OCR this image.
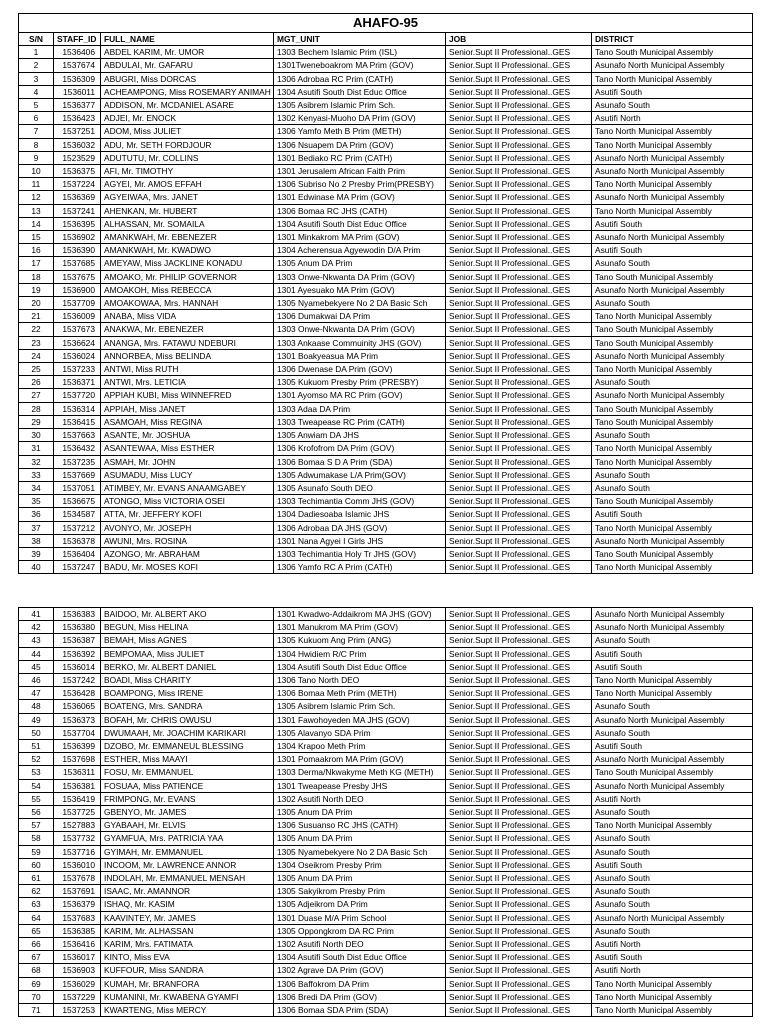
AHAFO-95					
S/N	STAFF_ID	FULL_NAME	MGT_UNIT	JOB	DISTRICT
1	1536406	ABDEL KARIM, Mr. UMOR	1303 Bechem Islamic Prim (ISL)	Senior.Supt II Professional..GES	Tano South Municipal Assembly
2	1537674	ABDULAI, Mr. GAFARU	1301Tweneboakrom MA Prim (GOV)	Senior.Supt II Professional..GES	Asunafo North Municipal Assembly
3	1536309	ABUGRI, Miss DORCAS	1306 Adrobaa RC Prim (CATH)	Senior.Supt II Professional..GES	Tano North Municipal Assembly
4	1536011	ACHEAMPONG, Miss ROSEMARY ANIMAH	1304 Asutifi South Dist Educ Office	Senior.Supt II Professional..GES	Asutifi South
5	1536377	ADDISON, Mr. MCDANIEL ASARE	1305 Asibrem Islamic Prim Sch.	Senior.Supt II Professional..GES	Asunafo South
6	1536423	ADJEI, Mr. ENOCK	1302 Kenyasi-Muoho DA Prim (GOV)	Senior.Supt II Professional..GES	Asutifi North
7	1537251	ADOM, Miss JULIET	1306 Yamfo Meth B Prim (METH)	Senior.Supt II Professional..GES	Tano North Municipal Assembly
8	1536032	ADU, Mr. SETH FORDJOUR	1306 Nsuapem DA Prim (GOV)	Senior.Supt II Professional..GES	Tano North Municipal Assembly
9	1523529	ADUTUTU, Mr. COLLINS	1301 Bediako RC Prim (CATH)	Senior.Supt II Professional..GES	Asunafo North Municipal Assembly
10	1536375	AFI, Mr. TIMOTHY	1301 Jerusalem African Faith Prim	Senior.Supt II Professional..GES	Asunafo North Municipal Assembly
11	1537224	AGYEI, Mr. AMOS EFFAH	1306 Subriso No 2 Presby Prim(PRESBY)	Senior.Supt II Professional..GES	Tano North Municipal Assembly
12	1536369	AGYEIWAA, Mrs. JANET	1301 Edwinase MA Prim (GOV)	Senior.Supt II Professional..GES	Asunafo North Municipal Assembly
13	1537241	AHENKAN, Mr. HUBERT	1306 Bomaa RC JHS (CATH)	Senior.Supt II Professional..GES	Tano North Municipal Assembly
14	1536395	ALHASSAN, Mr. SOMAILA	1304 Asutifi South Dist Educ Office	Senior.Supt II Professional..GES	Asutifi South
15	1536902	AMANKWAH, Mr. EBENEZER	1301 Minkakrom MA Prim (GOV)	Senior.Supt II Professional..GES	Asunafo North Municipal Assembly
16	1536390	AMANKWAH, Mr. KWADWO	1304 Acherensua Agyewodin D/A Prim	Senior.Supt II Professional..GES	Asutifi South
17	1537685	AMEYAW, Miss JACKLINE KONADU	1305 Anum DA Prim	Senior.Supt II Professional..GES	Asunafo South
18	1537675	AMOAKO, Mr. PHILIP GOVERNOR	1303 Onwe-Nkwanta DA Prim (GOV)	Senior.Supt II Professional..GES	Tano South Municipal Assembly
19	1536900	AMOAKOH, Miss REBECCA	1301 Ayesuako MA Prim (GOV)	Senior.Supt II Professional..GES	Asunafo North Municipal Assembly
20	1537709	AMOAKOWAA, Mrs. HANNAH	1305 Nyamebekyere No 2 DA Basic Sch	Senior.Supt II Professional..GES	Asunafo South
21	1536009	ANABA, Miss VIDA	1306 Dumakwai DA Prim	Senior.Supt II Professional..GES	Tano North Municipal Assembly
22	1537673	ANAKWA, Mr. EBENEZER	1303 Onwe-Nkwanta DA Prim (GOV)	Senior.Supt II Professional..GES	Tano South Municipal Assembly
23	1536624	ANANGA, Mrs. FATAWU NDEBURI	1303 Ankaase Commuinity JHS (GOV)	Senior.Supt II Professional..GES	Tano South Municipal Assembly
24	1536024	ANNORBEA, Miss BELINDA	1301 Boakyeasua MA Prim	Senior.Supt II Professional..GES	Asunafo North Municipal Assembly
25	1537233	ANTWI, Miss RUTH	1306 Dwenase DA Prim (GOV)	Senior.Supt II Professional..GES	Tano North Municipal Assembly
26	1536371	ANTWI, Mrs. LETICIA	1305 Kukuom Presby Prim (PRESBY)	Senior.Supt II Professional..GES	Asunafo South
27	1537720	APPIAH KUBI, Miss WINNEFRED	1301 Ayomso MA RC Prim (GOV)	Senior.Supt II Professional..GES	Asunafo North Municipal Assembly
28	1536314	APPIAH, Miss JANET	1303 Adaa DA Prim	Senior.Supt II Professional..GES	Tano South Municipal Assembly
29	1536415	ASAMOAH, Miss REGINA	1303 Tweapease RC Prim (CATH)	Senior.Supt II Professional..GES	Tano South Municipal Assembly
30	1537663	ASANTE, Mr. JOSHUA	1305 Anwiam DA JHS	Senior.Supt II Professional..GES	Asunafo South
31	1536432	ASANTEWAA, Miss ESTHER	1306 Krofofrom DA Prim (GOV)	Senior.Supt II Professional..GES	Tano North Municipal Assembly
32	1537235	ASMAH, Mr. JOHN	1306 Bomaa S D A Prim (SDA)	Senior.Supt II Professional..GES	Tano North Municipal Assembly
33	1537669	ASUMADU, Miss LUCY	1305 Adwumakase L/A Prim(GOV)	Senior.Supt II Professional..GES	Asunafo South
34	1537051	ATIMBEY, Mr. EVANS ANAAMGABEY	1305 Asunafo South DEO	Senior.Supt II Professional..GES	Asunafo South
35	1536675	ATONGO, Miss VICTORIA OSEI	1303 Techimantia Comm JHS (GOV)	Senior.Supt II Professional..GES	Tano South Municipal Assembly
36	1534587	ATTA, Mr. JEFFERY KOFI	1304 Dadiesoaba Islamic JHS	Senior.Supt II Professional..GES	Asutifi South
37	1537212	AVONYO, Mr. JOSEPH	1306 Adrobaa DA JHS (GOV)	Senior.Supt II Professional..GES	Tano North Municipal Assembly
38	1536378	AWUNI, Mrs. ROSINA	1301 Nana Agyei I Girls JHS	Senior.Supt II Professional..GES	Asunafo North Municipal Assembly
39	1536404	AZONGO, Mr. ABRAHAM	1303 Techimantia Holy Tr JHS (GOV)	Senior.Supt II Professional..GES	Tano South Municipal Assembly
40	1537247	BADU, Mr. MOSES KOFI	1306 Yamfo RC A Prim (CATH)	Senior.Supt II Professional..GES	Tano North Municipal Assembly
41	1536383	BAIDOO, Mr. ALBERT AKO	1301 Kwadwo-Addaikrom MA JHS (GOV)	Senior.Supt II Professional..GES	Asunafo North Municipal Assembly
42	1536380	BEGUN, Miss HELINA	1301 Manukrom MA Prim (GOV)	Senior.Supt II Professional..GES	Asunafo North Municipal Assembly
43	1536387	BEMAH, Miss AGNES	1305 Kukuom Ang Prim (ANG)	Senior.Supt II Professional..GES	Asunafo South
44	1536392	BEMPOMAA, Miss JULIET	1304 Hwidiem R/C Prim	Senior.Supt II Professional..GES	Asutifi South
45	1536014	BERKO, Mr. ALBERT DANIEL	1304 Asutifi South Dist Educ Office	Senior.Supt II Professional..GES	Asutifi South
46	1537242	BOADI, Miss CHARITY	1306 Tano North DEO	Senior.Supt II Professional..GES	Tano North Municipal Assembly
47	1536428	BOAMPONG, Miss IRENE	1306 Bomaa Meth Prim (METH)	Senior.Supt II Professional..GES	Tano North Municipal Assembly
48	1536065	BOATENG, Mrs. SANDRA	1305 Asibrem Islamic Prim Sch.	Senior.Supt II Professional..GES	Asunafo South
49	1536373	BOFAH, Mr. CHRIS OWUSU	1301 Fawohoyeden MA JHS (GOV)	Senior.Supt II Professional..GES	Asunafo North Municipal Assembly
50	1537704	DWUMAAH, Mr. JOACHIM KARIKARI	1305 Alavanyo SDA Prim	Senior.Supt II Professional..GES	Asunafo South
51	1536399	DZOBO, Mr. EMMANEUL BLESSING	1304 Krapoo Meth Prim	Senior.Supt II Professional..GES	Asutifi South
52	1537698	ESTHER, Miss MAAYI	1301 Pomaakrom MA Prim (GOV)	Senior.Supt II Professional..GES	Asunafo North Municipal Assembly
53	1536311	FOSU, Mr. EMMANUEL	1303 Derma/Nkwakyme Meth KG (METH)	Senior.Supt II Professional..GES	Tano South Municipal Assembly
54	1536381	FOSUAA, Miss PATIENCE	1301 Tweapease Presby JHS	Senior.Supt II Professional..GES	Asunafo North Municipal Assembly
55	1536419	FRIMPONG, Mr. EVANS	1302 Asutifi North DEO	Senior.Supt II Professional..GES	Asutifi North
56	1537725	GBENYO, Mr. JAMES	1305 Anum DA Prim	Senior.Supt II Professional..GES	Asunafo South
57	1527883	GYABAAH, Mr. ELVIS	1306 Susuanso RC JHS (CATH)	Senior.Supt II Professional..GES	Tano North Municipal Assembly
58	1537732	GYAMFUA, Mrs. PATRICIA YAA	1305 Anum DA Prim	Senior.Supt II Professional..GES	Asunafo South
59	1537716	GYIMAH, Mr. EMMANUEL	1305 Nyamebekyere No 2 DA Basic Sch	Senior.Supt II Professional..GES	Asunafo South
60	1536010	INCOOM, Mr. LAWRENCE ANNOR	1304 Oseikrom Presby Prim	Senior.Supt II Professional..GES	Asutifi South
61	1537678	INDOLAH, Mr. EMMANUEL MENSAH	1305 Anum DA Prim	Senior.Supt II Professional..GES	Asunafo South
62	1537691	ISAAC, Mr. AMANNOR	1305 Sakyikrom Presby Prim	Senior.Supt II Professional..GES	Asunafo South
63	1536379	ISHAQ, Mr. KASIM	1305 Adjeikrom DA Prim	Senior.Supt II Professional..GES	Asunafo South
64	1537683	KAAVINTEY, Mr. JAMES	1301 Duase M/A Prim School	Senior.Supt II Professional..GES	Asunafo North Municipal Assembly
65	1536385	KARIM, Mr. ALHASSAN	1305 Oppongkrom DA RC Prim	Senior.Supt II Professional..GES	Asunafo South
66	1536416	KARIM, Mrs. FATIMATA	1302 Asutifi North DEO	Senior.Supt II Professional..GES	Asutifi North
67	1536017	KINTO, Miss EVA	1304 Asutifi South Dist Educ Office	Senior.Supt II Professional..GES	Asutifi South
68	1536903	KUFFOUR, Miss SANDRA	1302 Agrave DA Prim (GOV)	Senior.Supt II Professional..GES	Asutifi North
69	1536029	KUMAH, Mr. BRANFORA	1306 Baffokrom DA Prim	Senior.Supt II Professional..GES	Tano North Municipal Assembly
70	1537229	KUMANINI, Mr. KWABENA GYAMFI	1306 Bredi DA Prim (GOV)	Senior.Supt II Professional..GES	Tano North Municipal Assembly
71	1537253	KWARTENG, Miss MERCY	1306 Bomaa SDA Prim (SDA)	Senior.Supt II Professional..GES	Tano North Municipal Assembly
